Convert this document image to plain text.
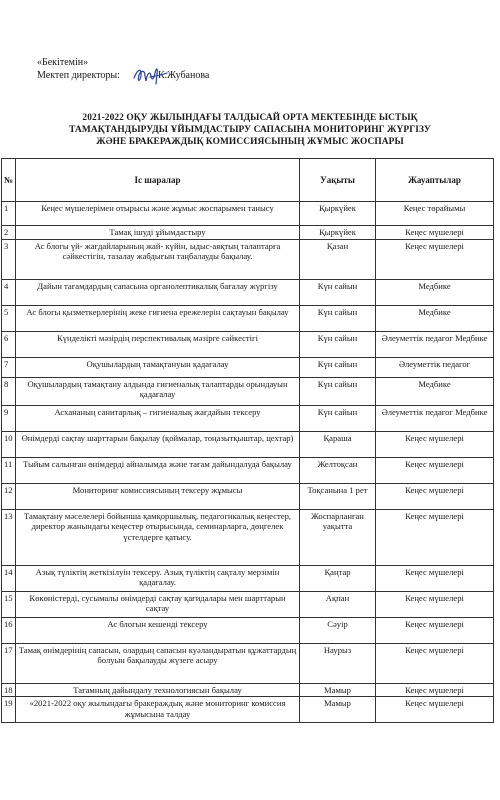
«Бекітемін»
Мектеп директоры:	К.Жубанова
2021-2022 ОҚУ ЖЫЛЫНДАҒЫ ТАЛДЫСАЙ ОРТА МЕКТЕБІНДЕ ЫСТЫҚ
ТАМАҚТАНДЫРУДЫ ҰЙЫМДАСТЫРУ САПАСЫНА МОНИТОРИНГ ЖҮРГІЗУ
ЖӘНЕ БРАКЕРАЖДЫҚ КОМИССИЯСЫНЫҢ ЖҰМЫС ЖОСПАРЫ
№	Іс шаралар	Уақыты	Жауаптылар
1	Кеңес мүшелерімен отырысы және жұмыс жоспарымен танысу	Қыркүйек	Кеңес төрайымы
2	Тамақ ішуді ұйымдастыру	Қыркүйек	Кеңес мүшелері
3	Ас блогы үй- жағдайларының жай- күйін, ыдыс-аяқтың талаптарға сәйкестігін, тазалау жабдығын таңбалауды бақылау.	Қазан	Кеңес мүшелері
4	Дайын тағамдардың сапасына органолептикалық бағалау жүргізу	Күн сайын	Медбике
5	Ас блогы қызметкерлерінің жеке гигиена ережелерін сақтауын бақылау	Күн сайын	Медбике
6	Күнделікті мәзірдің перспективалық мәзірге сәйкестігі	Күн сайын	Әлеуметтік педагог Медбике
7	Оқушылардың тамақтануын қадағалау	Күн сайын	Әлеуметтік педагог
8	Оқушылардың тамақтану алдында гигиеналық талаптарды орындауын қадағалау	Күн сайын	Медбике
9	Асхананың санитарлық – гигиеналық жағдайын тексеру	Күн сайын	Әлеуметтік педагог Медбике
10	Өнімдерді сақтау шарттарын бақылау (қоймалар, тоңазытқыштар, цехтар)	Қараша	Кеңес мүшелері
11	Тыйым салынған өнімдерді айналымда және тағам дайындалуда бақылау	Желтоқсан	Кеңес мүшелері
12	Мониторинг комиссиясының тексеру жұмысы	Тоқсанына 1 рет	Кеңес мүшелері
13	Тамақтану мәселелері бойынша қамқоршылық, педагогикалық кеңестер, директор жанындағы кеңестер отырысында, семинарларға, дөңгелек үстелдерге қатысу.	Жоспарланған уақытта	Кеңес мүшелері
14	Азық түліктің жеткізілуін тексеру. Азық түліктің сақталу мерзімін қадағалау.	Қаңтар	Кеңес мүшелері
15	Көкөністерді, сусымалы өнімдерді сақтау қағидалары мен шарттарын сақтау	Ақпан	Кеңес мүшелері
16	Ас блогын кешенді тексеру	Сәуір	Кеңес мүшелері
17	Тамақ өнімдерінің сапасын, олардың сапасын куәландыратын құжаттардың болуын бақылауды жүзеге асыру	Наурыз	Кеңес мүшелері
18	Тағамның дайындалу технологиясын бақылау	Мамыр	Кеңес мүшелері
19	«2021-2022 оқу жылындағы бракераждық және мониторинг комиссия жұмысына талдау	Мамыр	Кеңес мүшелері
